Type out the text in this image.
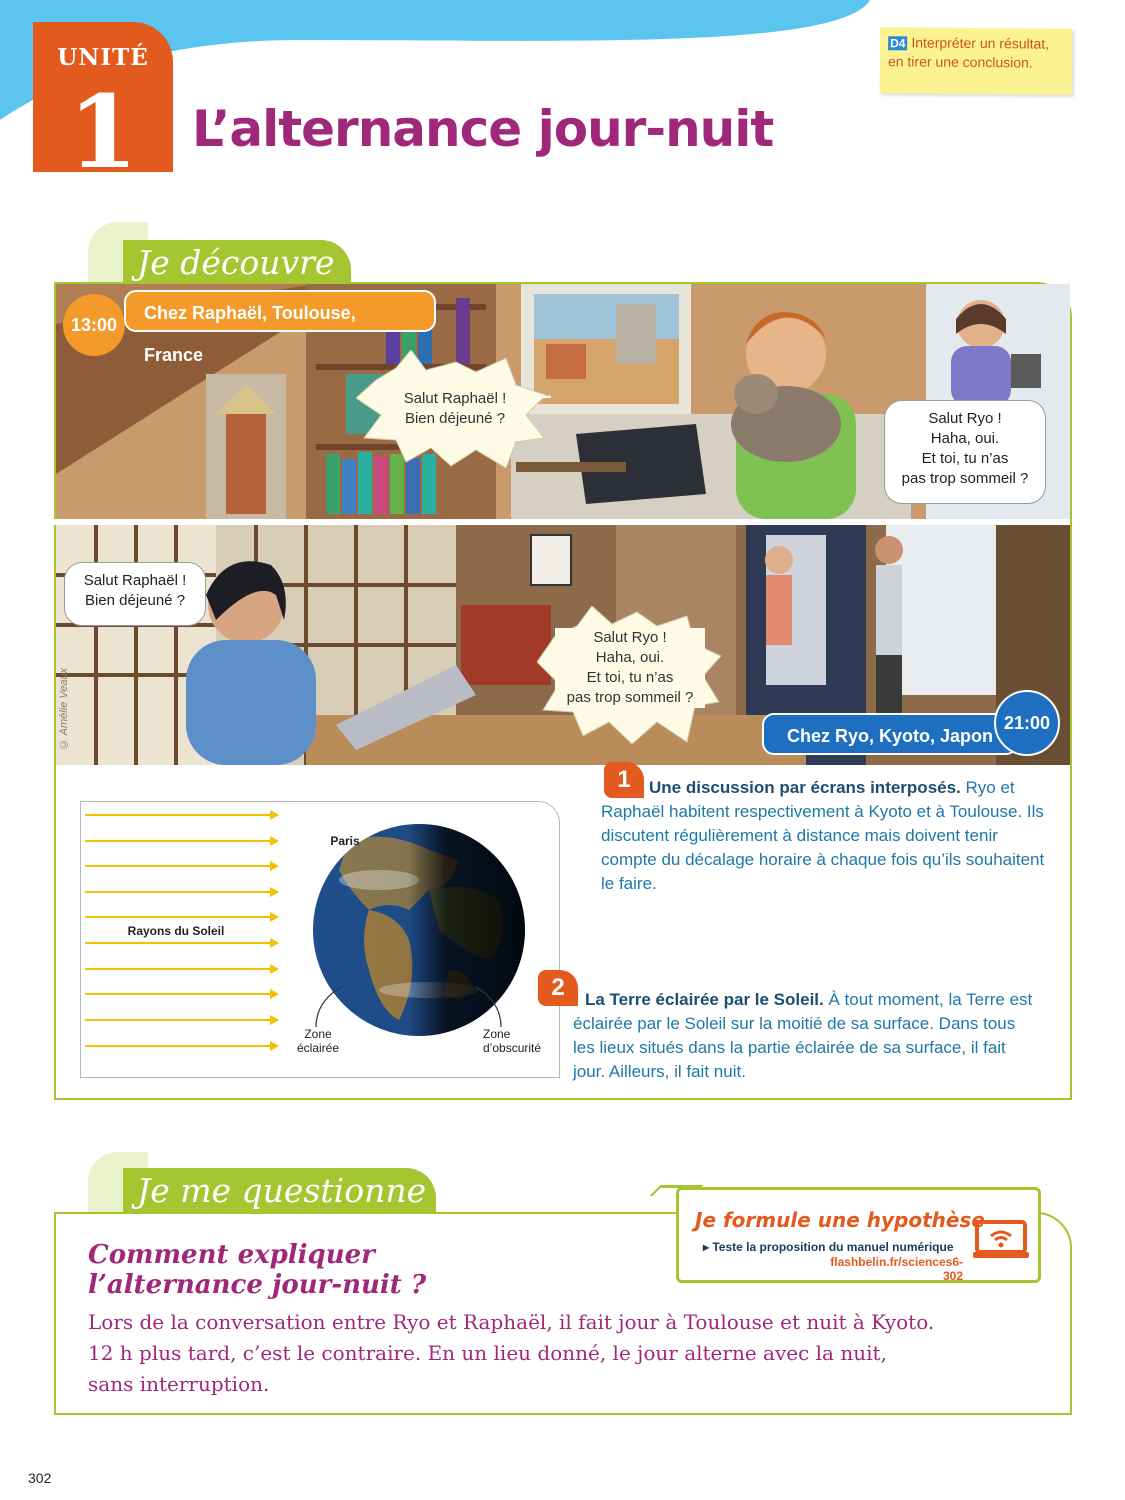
UNITÉ
1	L’alternance jour-nuit
D4 Interpréter un résultat,
en tirer une conclusion.
Je découvre
13:00
Chez Raphaël, Toulouse, France
Salut Raphaël !
Bien déjeuné ?	Salut Ryo !
Haha, oui.
Et toi, tu n’as
pas trop sommeil ?
© Amélie Veaux
Salut Raphaël !
Bien déjeuné ?
Salut Ryo !
Haha, oui.
Et toi, tu n’as
pas trop sommeil ?
Chez Ryo, Kyoto, Japon
21:00
1	Une discussion par écrans interposés. Ryo et Raphaël habitent respectivement à Kyoto et à Toulouse. Ils discutent régulièrement à distance mais doivent tenir compte du décalage horaire à chaque fois qu’ils souhaitent le faire.
Rayons du Soleil
Paris
Zone
éclairée
Zone
d’obscurité
2	La Terre éclairée par le Soleil. À tout moment, la Terre est éclairée par le Soleil sur la moitié de sa surface. Dans tous les lieux situés dans la partie éclairée de sa surface, il fait jour. Ailleurs, il fait nuit.
Je me questionne
Comment expliquer
l’alternance jour-nuit ?
Lors de la conversation entre Ryo et Raphaël, il fait jour à Toulouse et nuit à Kyoto.
12 h plus tard, c’est le contraire. En un lieu donné, le jour alterne avec la nuit,
sans interruption.
Je formule une hypothèse
▸ Teste la proposition du manuel numérique
flashbelin.fr/sciences6-302
302
